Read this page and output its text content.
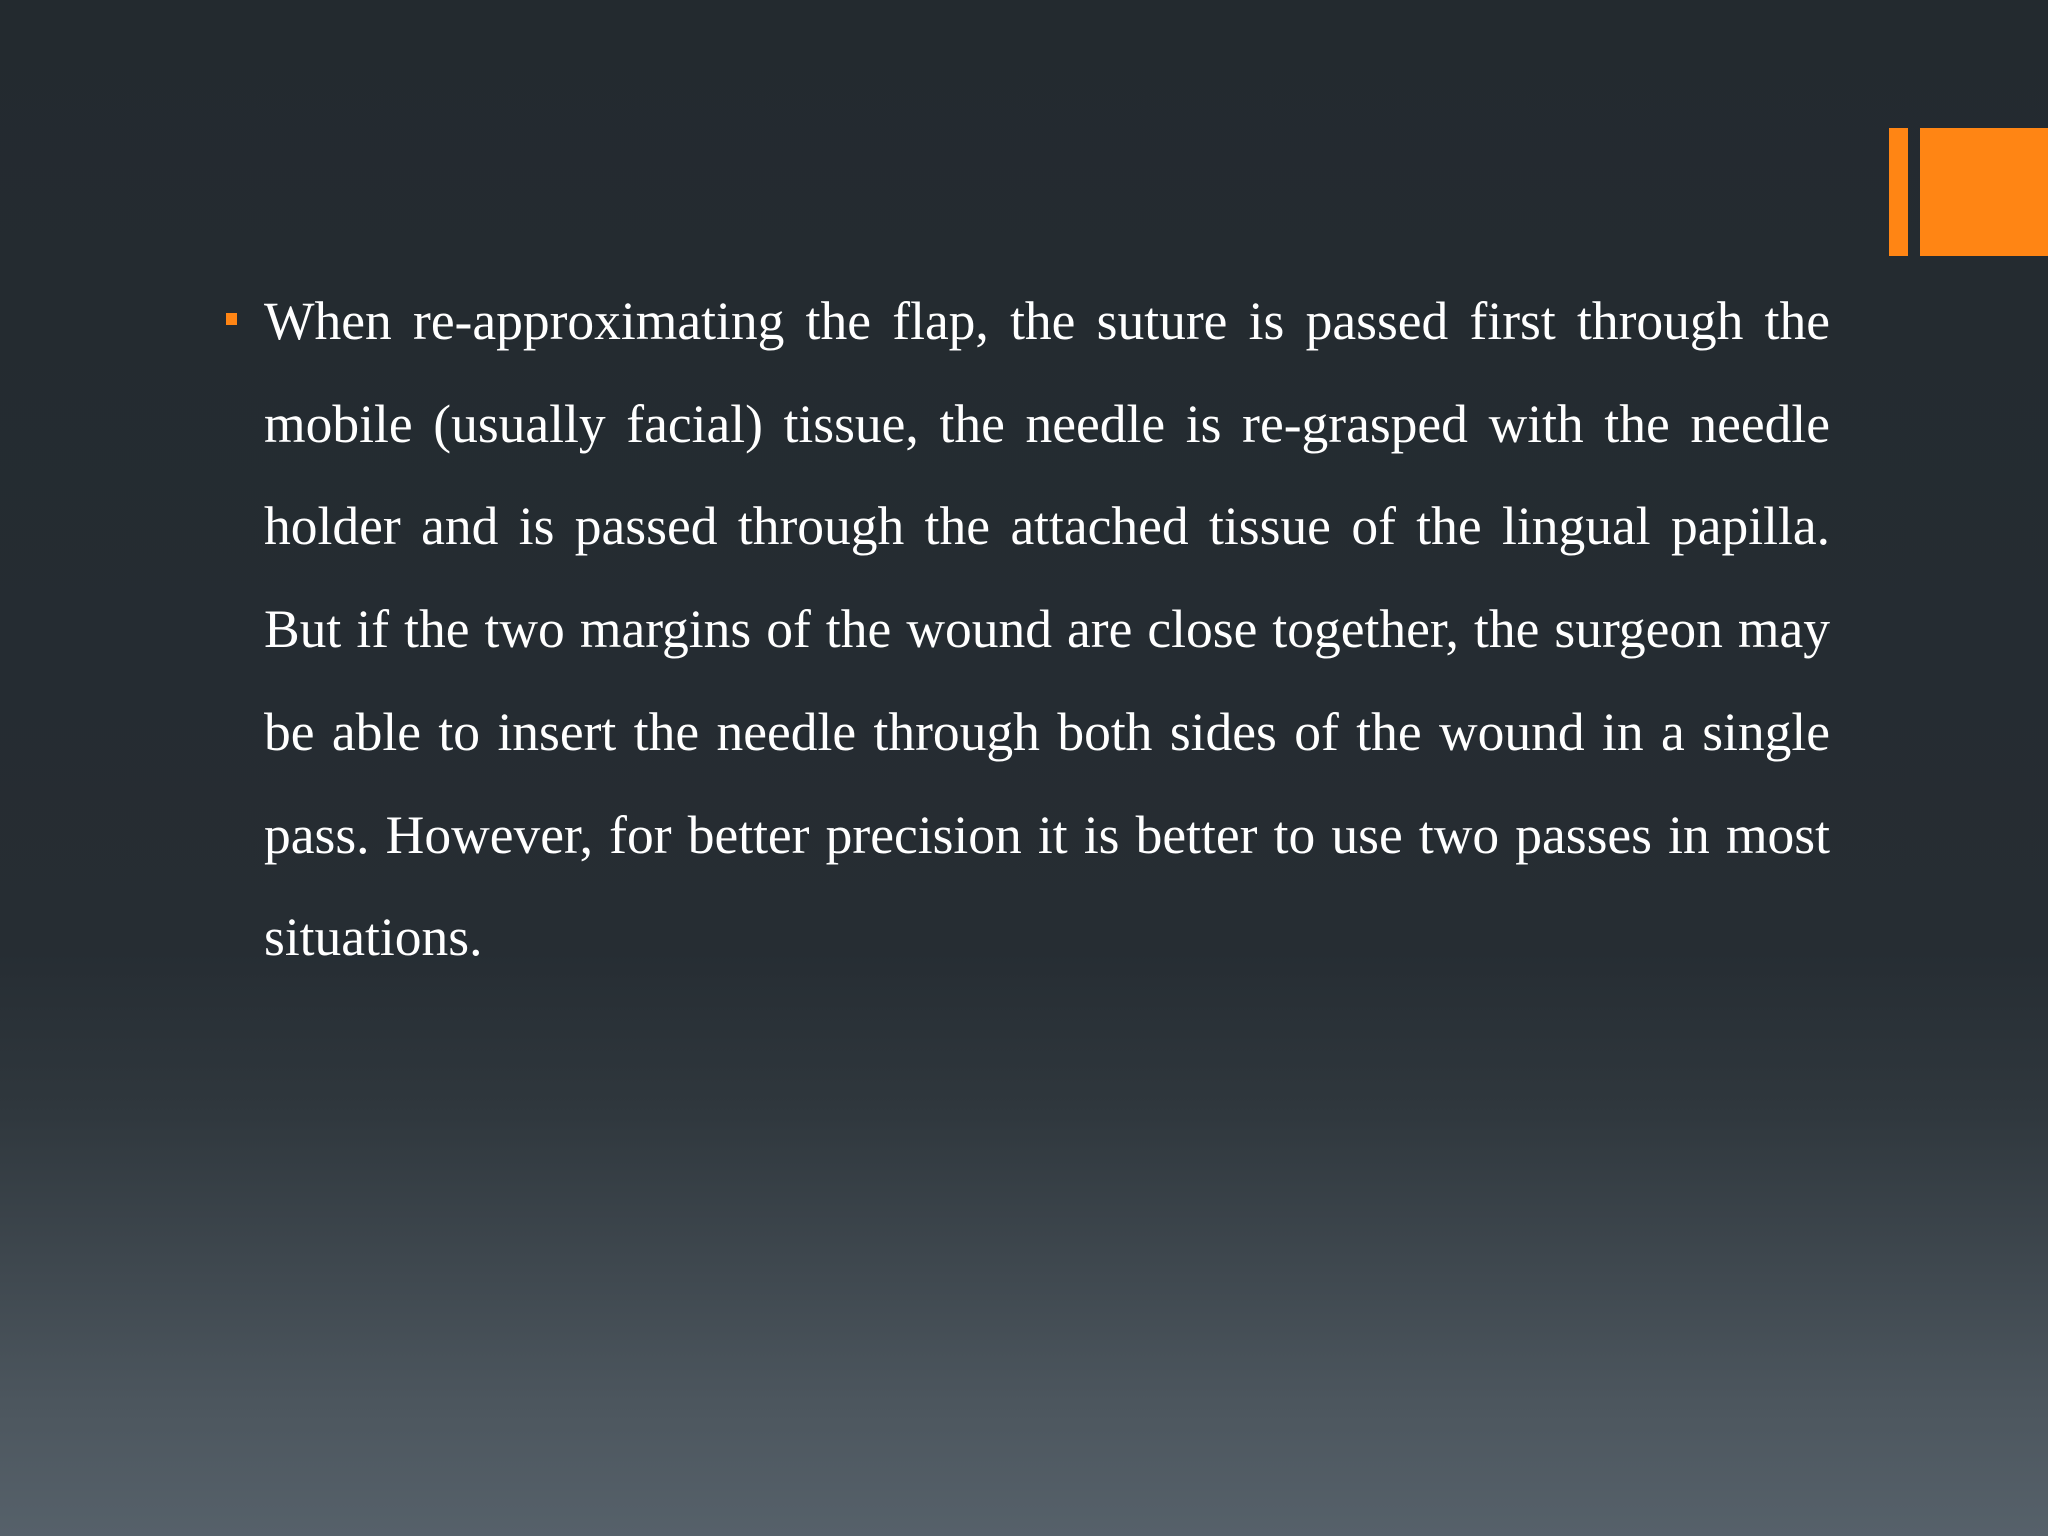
When re-approximating the flap, the suture is passed first through the mobile (usually facial) tissue, the needle is re-grasped with the needle holder and is passed through the attached tissue of the lingual papilla. But if the two margins of the wound are close together, the surgeon may be able to insert the needle through both sides of the wound in a single pass. However, for better precision it is better to use two passes in most situations.
